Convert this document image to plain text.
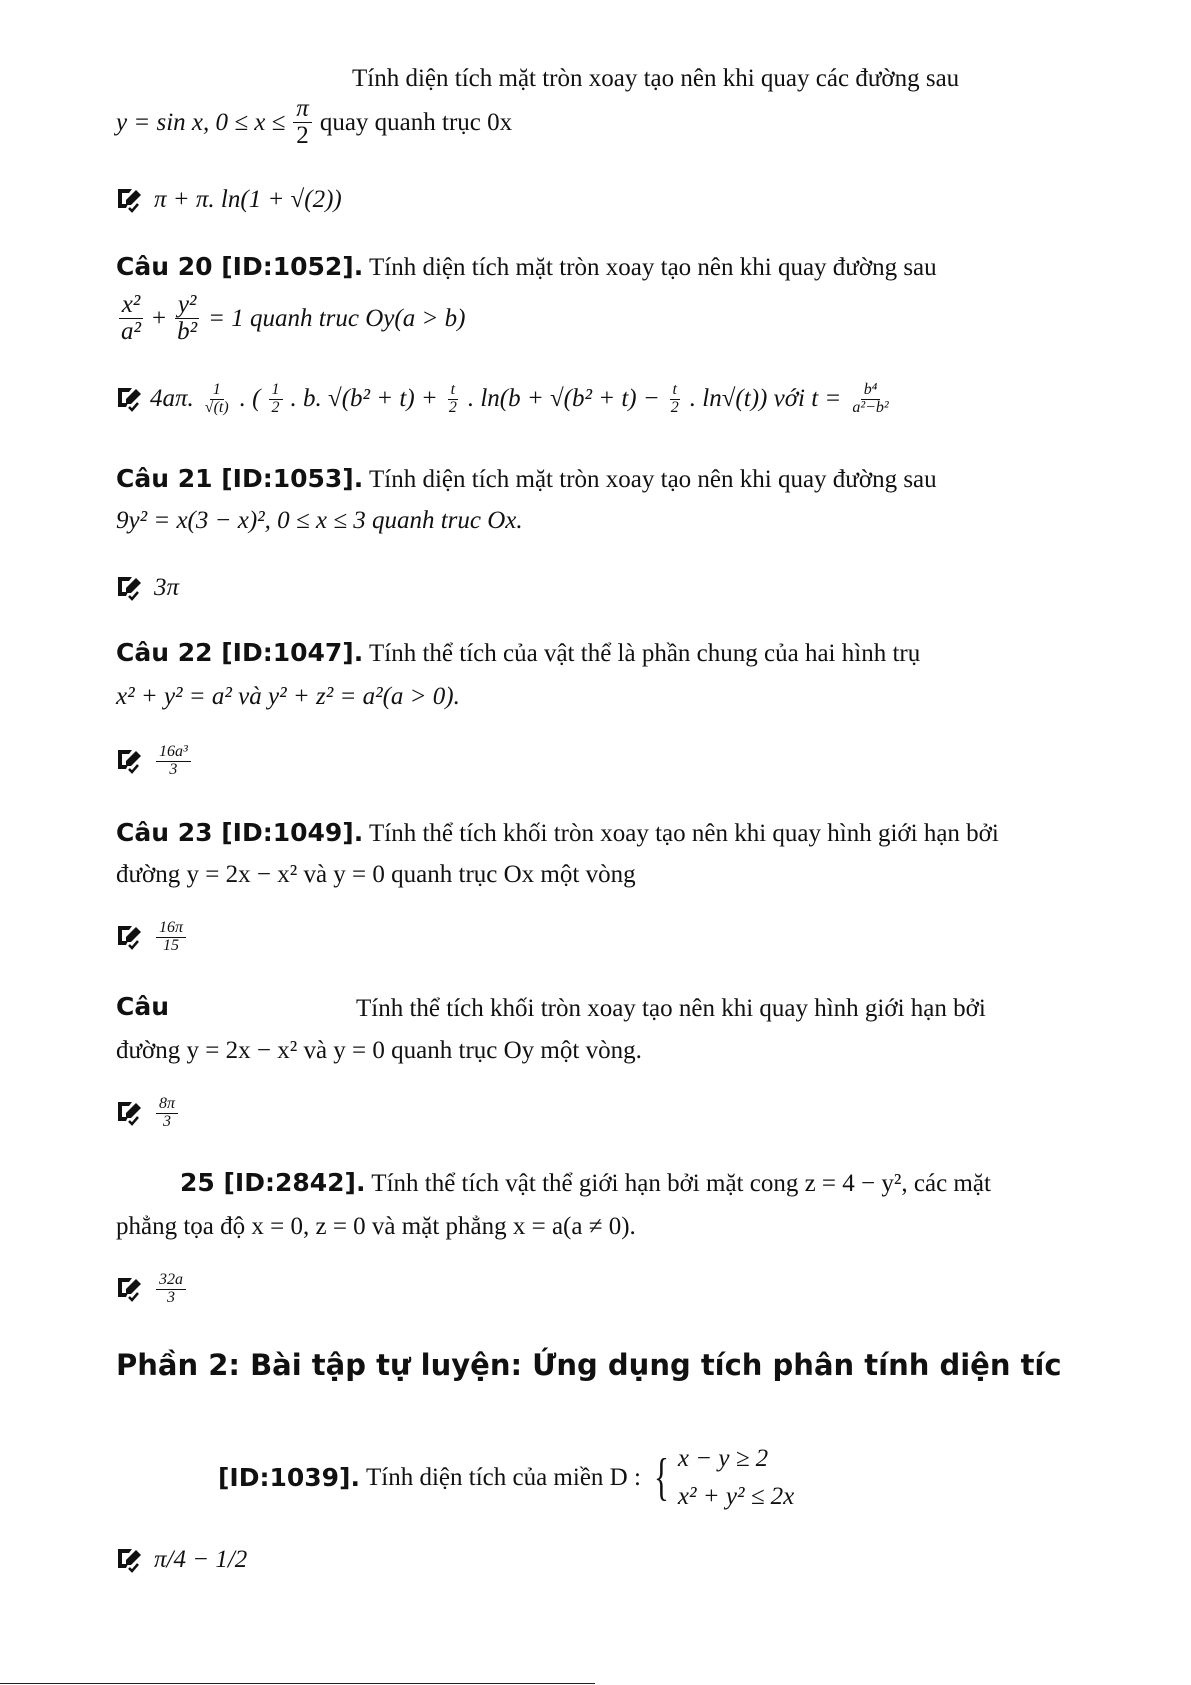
Tính diện tích mặt tròn xoay tạo nên khi quay các đường sau
y = sin x, $0 \le x \le \frac{\pi}{2}$ quay quanh trục 0x
π + π. ln(1 + √(2))
Câu 20 [ID:1052]. Tính diện tích mặt tròn xoay tạo nên khi quay đường sau
$\frac{\text{x²}}{\text{a²}} + \frac{\text{y²}}{\text{b²}} = 1$ quanh truc Oy(a > b)
4aπ. $\frac{1}{√(t)}$ . ( $\frac{1}{2}$ . b. $√(b^2 + t) + \frac{t}{2}$ . $\ln(b + √(b^2 + t) - \frac{t}{2}$ . ln√(t)) với $t = \frac{\text{b⁴}}{\text{a²−b²}}$
Câu 21 [ID:1053]. Tính diện tích mặt tròn xoay tạo nên khi quay đường sau
9y² = x(3 − x)², 0 ≤ x ≤ 3 quanh truc Ox.
3π
Câu 22 [ID:1047]. Tính thể tích của vật thể là phần chung của hai hình trụ
x² + y² = a² và y² + z² = a²(a > 0).
$\frac{\text{16a³}}{3}$
Câu 23 [ID:1049]. Tính thể tích khối tròn xoay tạo nên khi quay hình giới hạn bởi
đường y = 2x − x² và y = 0 quanh trục Ox một vòng
$\frac{16\pi}{15}$
Câu	Tính thể tích khối tròn xoay tạo nên khi quay hình giới hạn bởi
đường y = 2x − x² và y = 0 quanh trục Oy một vòng.
$\frac{8\pi}{3}$
25 [ID:2842]. Tính thể tích vật thể giới hạn bởi mặt cong z = 4 − y², các mặt
phẳng tọa độ x = 0, z = 0 và mặt phẳng x = a(a ≠ 0).
$\frac{32a}{3}$
Phần 2: Bài tập tự luyện: Ứng dụng tích phân tính diện tíc
[ID:1039]. Tính diện tích của miền D : { x − y ≥ 2
x² + y² ≤ 2x
π/4 − 1/2
